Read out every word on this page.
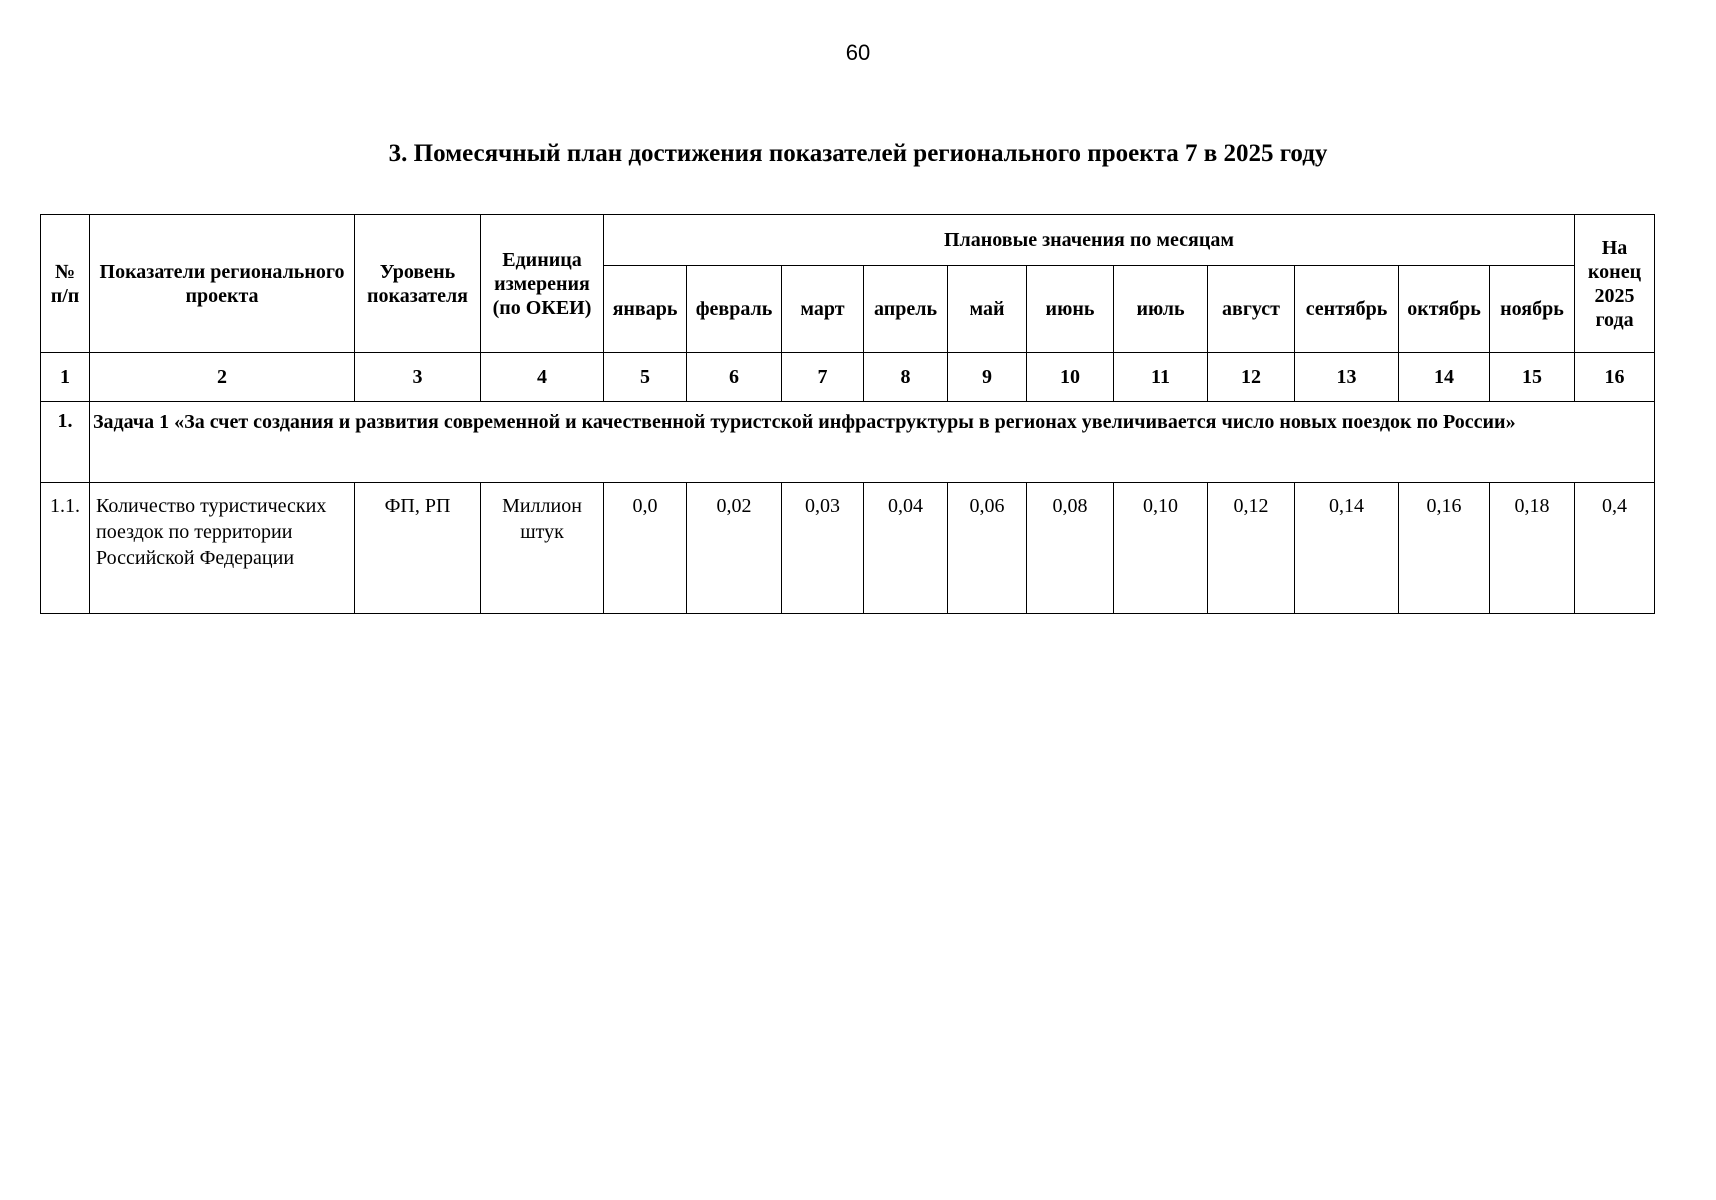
60
3. Помесячный план достижения показателей регионального проекта 7 в 2025 году
№ п/п	Показатели регионального проекта	Уровень показателя	Единица измерения (по ОКЕИ)	Плановые значения по месяцам											На конец 2025 года
				январь	февраль	март	апрель	май	июнь	июль	август	сентябрь	октябрь	ноябрь	
1	2	3	4	5	6	7	8	9	10	11	12	13	14	15	16
1.	Задача 1 «За счет создания и развития современной и качественной туристской инфраструктуры в регионах увеличивается число новых поездок по России»														
1.1.	Количество туристических поездок по территории Российской Федерации	ФП, РП	Миллион штук	0,0	0,02	0,03	0,04	0,06	0,08	0,10	0,12	0,14	0,16	0,18	0,4
